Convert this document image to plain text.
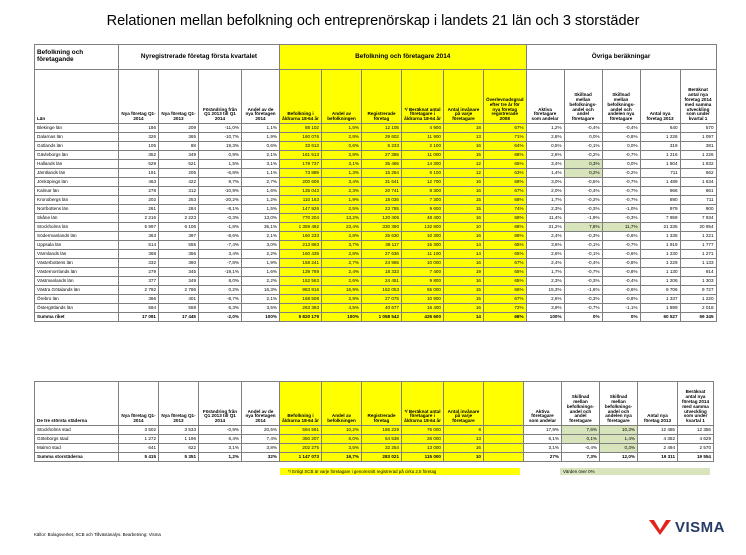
Relationen mellan befolkning och entreprenörskap i landets 21 län och 3 storstäder
Befolkning och företagande	Nyregistrerade företag första kvartalet				Befolkning och företagare 2014						Övriga beräkningar				
Län	Nya företag Q1-2014	Nya företag Q1-2013	Förändring från Q1 2013 till Q1 2014	Andel av de nya företagen 2014	Befolkning i åldrarna 18-64 år	Andel av befolkningen	Registrerade företag	*/ Beräknat antal företagare i åldrarna 18-64 år	Antal invånare på varje företagare	Överlevnadsgrad efter tre år för nya företag registrerade 2008	Aktiva företagare som andelar	Skillnad mellan befolknings-andel och andel företagare	Skillnad mellan befolknings-andel och andelen nya företagare	Antal nya företag 2013	Beräknat antal nya företag 2014 med samma utveckling som under kvartal 1
Blekinge län	186	209	-11,0%	1,1%	88 102	1,5%	12 105	4 900	18	67%	1,2%	-0,4%	-0,4%	640	570
Dalarnas län	326	365	-10,7%	1,9%	160 076	2,8%	29 602	11 900	13	71%	2,8%	0,0%	-0,8%	1 226	1 097
Gotlands län	105	88	19,3%	0,6%	33 613	0,6%	5 233	2 100	16	64%	0,5%	-0,1%	0,0%	319	381
Gävleborgs län	352	349	0,9%	2,1%	161 513	2,8%	27 365	11 000	15	68%	2,6%	-0,2%	-0,7%	1 216	1 226
Hallands län	529	521	1,5%	3,1%	178 737	3,1%	35 465	14 300	12	65%	3,4%	0,3%	0,0%	1 804	1 832
Jämtlands län	191	205	-6,8%	1,1%	73 889	1,3%	15 264	6 100	12	63%	1,4%	0,2%	-0,2%	711	662
Jönköpings län	463	422	9,7%	2,7%	200 605	3,4%	31 641	12 700	16	68%	3,0%	-0,5%	-0,7%	1 489	1 634
Kalmar län	278	312	-10,9%	1,6%	135 043	2,3%	20 741	8 300	16	67%	2,0%	-0,4%	-0,7%	966	861
Kronobergs län	202	253	-20,2%	1,2%	110 163	1,9%	18 036	7 300	15	68%	1,7%	-0,2%	-0,7%	890	711
Norrbottens län	261	284	-8,1%	1,5%	147 926	2,5%	23 785	9 600	15	74%	2,3%	-0,3%	-1,0%	979	900
Skåne län	2 216	2 223	-0,3%	13,0%	770 204	13,2%	120 406	48 400	16	68%	11,4%	-1,9%	-0,3%	7 959	7 934
Stockholms län	5 997	6 106	-1,8%	35,1%	1 359 492	23,4%	330 390	132 800	10	68%	31,2%	7,8%	11,7%	21 335	20 954
Södermanlands län	363	397	-8,6%	2,1%	160 233	2,8%	25 630	10 300	16	68%	2,4%	-0,3%	-0,6%	1 335	1 221
Uppsala län	514	555	-7,4%	3,0%	213 863	3,7%	38 117	15 300	14	65%	3,6%	-0,1%	-0,7%	1 919	1 777
Värmlands län	368	356	3,4%	2,2%	160 435	2,8%	27 636	11 100	14	65%	2,6%	-0,1%	-0,6%	1 230	1 271
Västerbottens län	332	360	-7,8%	1,9%	158 241	2,7%	24 965	10 000	16	67%	2,4%	-0,4%	-0,8%	1 229	1 133
Västernorrlands län	279	345	-19,1%	1,6%	139 769	2,4%	18 333	7 400	19	65%	1,7%	-0,7%	-0,8%	1 130	914
Västmanlands län	377	349	8,0%	2,2%	152 563	2,6%	24 451	9 800	16	65%	2,3%	-0,3%	-0,4%	1 206	1 303
Västra Götalands län	2 792	2 786	0,2%	16,3%	983 816	16,9%	162 053	65 000	15	66%	15,3%	-1,6%	-0,6%	9 706	9 727
Örebro län	366	401	-8,7%	2,1%	168 508	2,9%	27 075	10 900	15	67%	2,6%	-0,3%	-0,8%	1 337	1 220
Östergötlands län	594	559	6,3%	3,5%	263 393	4,5%	40 677	16 400	16	72%	3,9%	-0,7%	-1,1%	1 899	2 018
Summa riket	17 091	17 445	-2,0%	100%	5 820 179	100%	1 058 542	425 600	14	68%	100%	0%	0%	60 527	59 345
De tre största städerna	Nya företag Q1-2014	Nya företag Q1-2013	Förändring från Q1 2013 till Q1 2014	Andel av de nya företagen 2014	Befolkning i åldrarna 18-64 år	Andel av befolkningen	Registrerade företag	*/ Beräknat antal företagare i åldrarna 18-64 år	Antal invånare på varje företagare		Aktiva företagare som andelar	Skillnad mellan befolknings-andel och andel företagare	Skillnad mellan befolknings-andel och andelen nya företagare	Antal nya företag 2013	Beräknat antal nya företag 2014 med samma utveckling som under kvartal 1
Stockholms stad	3 502	3 533	-0,9%	20,5%	594 591	10,2%	186 229	76 000	8		17,9%	7,6%	10,3%	12 465	12 356
Göteborgs stad	1 272	1 196	6,4%	7,4%	350 207	6,0%	64 538	26 000	13		6,1%	0,1%	1,4%	4 352	4 629
Malmö stad	641	622	3,1%	3,8%	202 275	3,5%	32 254	13 000	16		3,1%	-0,4%	0,3%	2 494	2 570
Summa storstäderna	5 415	5 351	1,2%	32%	1 147 073	19,7%	283 021	115 000	10		27%	7,3%	12,0%	19 311	19 554
*/ Enligt SCB är varje företagare i genomsnitt registrerad på cirka 2,5 företag	Värden över 0%
Källor: Bolagsverket, SCB och Tillväxtanalys. Bearbetning: Visma	VISMA
